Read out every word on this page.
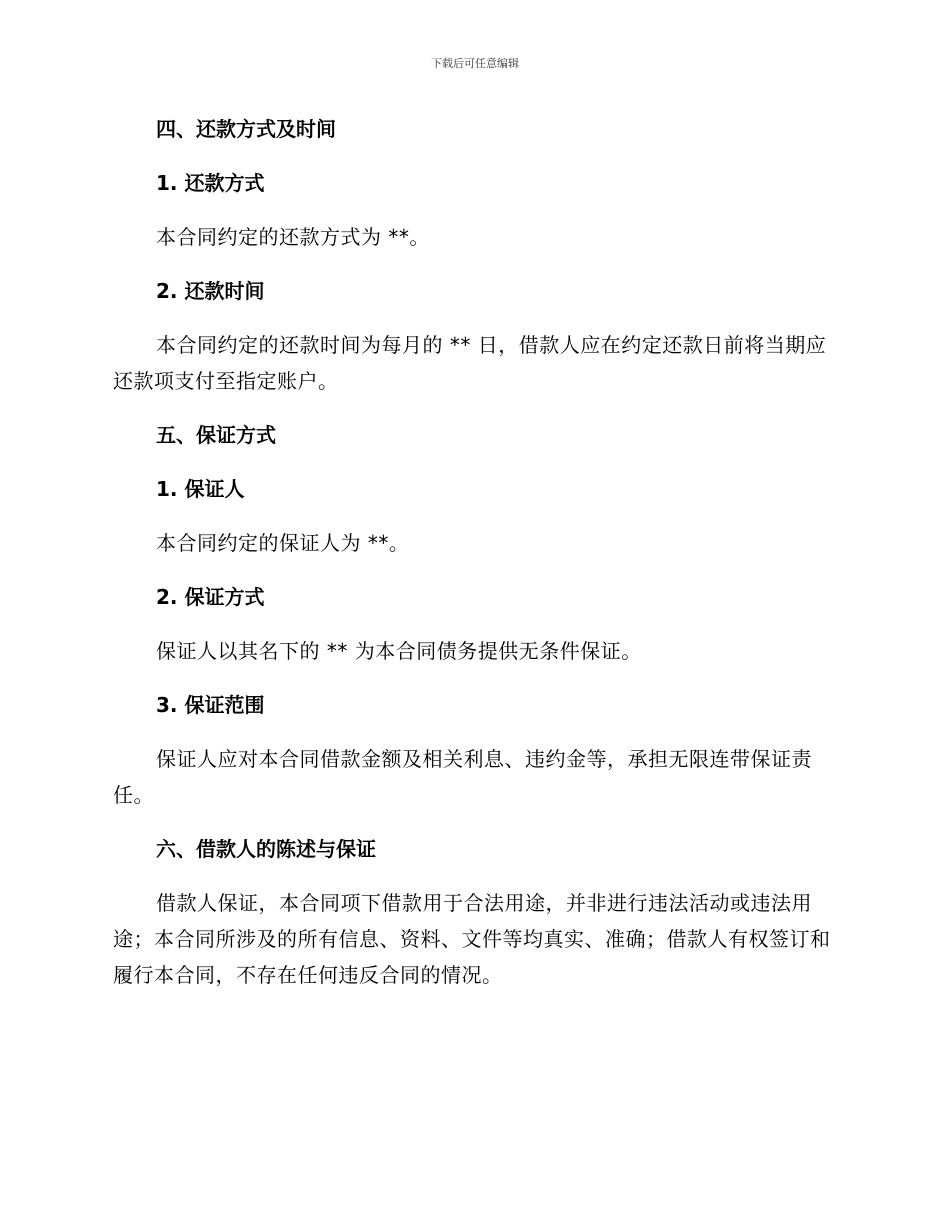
下载后可任意编辑
四、还款方式及时间
1. 还款方式
本合同约定的还款方式为 **。
2. 还款时间
本合同约定的还款时间为每月的 ** 日，借款人应在约定还款日前将当期应还款项支付至指定账户。
五、保证方式
1. 保证人
本合同约定的保证人为 **。
2. 保证方式
保证人以其名下的 ** 为本合同债务提供无条件保证。
3. 保证范围
保证人应对本合同借款金额及相关利息、违约金等，承担无限连带保证责任。
六、借款人的陈述与保证
借款人保证，本合同项下借款用于合法用途，并非进行违法活动或违法用途；本合同所涉及的所有信息、资料、文件等均真实、准确；借款人有权签订和履行本合同，不存在任何违反合同的情况。
